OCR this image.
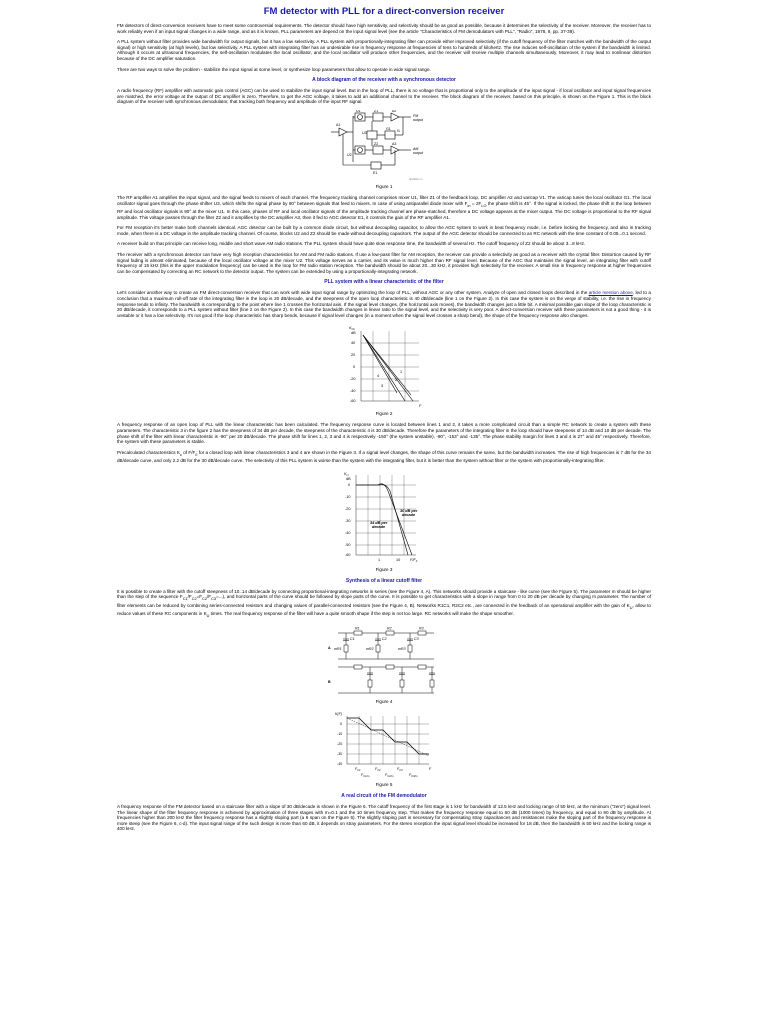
FM detector with PLL for a direct-conversion receiver

FM detectors of direct-conversion receivers have to meet some controversial requirements. The detector should have high sensitivity, and selectivity should be as good as possible, because it determines the selectivity of the receiver. Moreover, the receiver has to work reliably even if an input signal changes in a wide range, and as it is known, PLL parameters are depend on the input signal level (see the article "Characteristics of FM demodulators with PLL", "Radio", 1978, 9, pp. 37-39).

A PLL system without filter provides wide bandwidth for output signals, but it has a low selectivity. A PLL system with proportionally-integrating filter can provide either improved selectivity (if the cutoff frequency of the filter matches with the bandwidth of the output signal) or high sensitivity (at high levels), but low selectivity. A PLL system with integrating filter has an undesirable rise in frequency response at frequencies of tens to hundreds of kilohertz. The rise induces self-oscillation of the system if the bandwidth is limited. Although it occurs at ultrasound frequencies, the self-oscillation modulates the local oscillator, and the local oscillator will produce other frequencies, and the receiver will receive multiple channels simultaneously. Moreover, it may lead to nonlinear distortion because of the DC amplifier saturation.

There are two ways to solve the problem - stabilize the input signal at some level, or synthesize loop parameters that allow to operate in wide signal range.

A block diagram of the receiver with a synchronous detector

A radio frequency (RF) amplifier with automatic gain control (AGC) can be used to stabilize the input signal level. But in the loop of PLL, there is no voltage that is proportional only to the amplitude of the input signal - if local oscillator and input signal frequencies are matched, the error voltage at the output of DC amplifier is zero. Therefore, to get the AGC voltage, it takes to add an additional channel to the receiver. The block diagram of the receiver, based on this principle, is shown on the Figure 1. This is the block diagram of the receiver with synchronous demodulator, that tracking both frequency and amplitude of the input RF signal.

U1	Z1	A2
FM
output
A1
U3
G1 f1
Z2	A3
AM
output
U2
E1
dpvalbirs.ru
Figure 1

The RF amplifier A1 amplifies the input signal, and the signal feeds to mixers of each channel. The frequency tracking channel comprises mixer U1, filter Z1 of the feedback loop, DC amplifier A2 and varicap V1. The varicap tunes the local oscillator G1. The local oscillator signal goes through the phase shifter U3, which shifts the signal phase by 90° between signals that feed to mixers. In case of using antiparallel diode mixer with $F_{in} = 2F_{LO}$ the phase shift is 45°. If the signal is locked, the phase shift in the loop between RF and local oscillator signals is 90° at the mixer U1. In this case, phases of RF and local oscillator signals of the amplitude tracking channel are phase-matched, therefore a DC voltage appears at the mixer output. The DC voltage is proportional to the RF signal amplitude. This voltage passes through the filter Z2 and it amplifies by the DC amplifier A3, then it fed to AGC detector E1, it controls the gain of the RF amplifier A1.

For FM reception it's better make both channels identical. AGC detector can be built by a common diode circuit, but without decoupling capacitor, to allow the AGC system to work in beat frequency mode, i.e. before locking the frequency, and also in tracking mode, when there is a DC voltage in the amplitude tracking channel. Of course, blocks U2 and Z2 should be made without decoupling capacitors. The output of the AGC detector should be connected to an RC network with the time constant of 0.05...0.1 second.

A receiver build on that principle can receive long, middle and short wave AM radio stations. The PLL system should have quite slow response time, the bandwidth of several Hz. The cutoff frequency of Z2 should be about 3...8 kHz.

The receiver with a synchronous detector can have very high reception characteristics for AM and FM radio stations. If use a low-pass filter for AM reception, the receiver can provide a selectivity as good as a receiver with the crystal filter. Distortion caused by RF signal fading is almost eliminated, because of the local oscillator voltage at the mixer U2. This voltage serves as a carrier, and its value is much higher than RF signal level. Because of the AGC that maintains the signal level, an integrating filter with cutoff frequency of 15 kHz (this is the upper modulation frequency) can be used in the loop for FM radio station reception. The bandwidth should be about 20...30 kHz, it provides high selectivity for the receiver. A small rise in frequency response at higher frequencies can be compensated by correcting an RC network to the detector output. The system can be extended by using a proportionally-integrating network.

PLL system with a linear characteristic of the filter

Let's consider another way to create an FM direct-conversion receiver that can work with wide input signal range by optimizing the loop of PLL, without AGC or any other system. Analyze of open and closed loops described in the article mention above, led to a conclusion that a maximum roll-off rate of the integrating filter in the loop is 20 dB/decade, and the steepness of the open loop characteristic is 40 dB/decade (line 1 on the Figure 2). In this case the system is on the verge of stability, i.e. the rise in frequency response tends to infinity. The bandwidth is corresponding to the point where line 1 crosses the horizontal axis. If the signal level changes, (the horizontal axis moves), the bandwidth changes just a little bit. A minimal possible gain slope of the loop characteristic is 20 dB/decade, it corresponds to a PLL system without filter (line 2 on the Figure 2). In this case the bandwidth changes in linear ratio to the signal level, and the selectivity is very poor. A direct-conversion receiver with these parameters is not a good thing - it is unstable or it has a low selectivity. It's not good if the loop characteristic has sharp bends, because if signal level changes (in a moment when the signal level crosses a sharp bend), the shape of the frequency response also changes.

$K_{OL}$
dB
40
20
0
-20
-40
-60
F
1
2
3
4
Figure 2

A frequency response of an open loop of PLL with the linear characteristic has been calculated. The frequency response curve is located between lines 1 and 2, it takes a more complicated circuit than a simple RC network to create a system with these parameters. The characteristic 3 in the figure 2 has the steepness of 34 dB per decade, the steepness of the characteristic 4 is 30 dB/decade. Therefore the parameters of the integrating filter in the loop should have steepness of 14 dB and 10 dB per decade. The phase shift of the filter with linear characteristic is -90° per 20 dB/decade. The phase shift for lines 1, 2, 3 and 4 is respectively -150° (the system unstable), -90°, -153° and -135°. The phase stability margin for lines 3 and 4 is 27° and 45° respectively. Therefore, the system with these parameters is stable.

Precalculated characteristics $K_c$ of $F/F_0$ for a closed loop with linear characteristics 3 and 4 are shown in the Figure 3. If a signal level changes, the shape of this curve remains the same, but the bandwidth increases. The rise of high frequencies is 7 dB for the 34 dB/decade curve, and only 2.2 dB for the 30 dB/decade curve. The selectivity of this PLL system is worse than the system with the integrating filter, but it is better than the system without filter or the system with proportionally-integrating filter.

$K_{cl}$
dB
0
-10
-20
-30
-40
-50
-60
1	10	$F/F_0$
30 dB per
decade
34 dB per
decade
Figure 3
Synthesis of a linear cutoff filter

It is possible to create a filter with the cutoff steepness of 10..14 dB/decade by connecting proportional-integrating networks in series (see the Figure 4, A). This networks should provide a staircase - like curve (see the Figure 5). The parameter m should be higher than the step of the sequence $F_{C1}/F_{C2}=F_{C2}/F_{C3}=$...), and horizontal parts of the curve should be followed by slope parts of the curve. It is possible to get characteristics with a slope in range from 0 to 20 dB per decade by changing m parameter. The number of filter elements can be reduced by combining series-connected resistors and changing values of parallel-connected resistors (see the Figure 4, B). Networks R1C1, R2C2 etc., are connected in the feedback of an operational amplifier with the gain of $K_U$, allow to reduce values of these RC components in $K_U$ times. The real frequency response of the filter will have a quite smooth shape if the step is not too large. RC networks will make the shape smoother.

R1	R2	R3
C1	C2	C3
A
B
mR1	mR2	mR3
Figure 4
K(F)
0
-10
-20
-30
-40
F
$F_{C1}$	$F_{C2}$	$F_{C3}$
$F_{C1/m}$	$F_{C2/m}$	$F_{C3/m}$
Figure 5
A real circuit of the FM demodulator

A frequency response of the FM detector based on a staircase filter with a slope of 30 dB/decade is shown in the Figure 6. The cutoff frequency of the first stage is 1 kHz for bandwidth of 12.5 kHz and locking range of 50 kHz, at the minimum ("zero") signal level. The linear shape of the filter frequency response is achieved by approximation of three stages with m=0.1 and the 10 times frequency step. That makes the frequency response equal to 60 dB (1000 times) by frequency, and equal to 90 dB by amplitude. At frequencies higher than 200 kHz the filter frequency response has a slightly sloping part (a 6 span on the Figure 6). The slightly sloping part is necessary for compensating stray capacitances and resistances make the sloping part of the frequency response is more steep (see the Figure 6, c-d). The input signal range of the such design is more than 60 dB, it depends on stray parameters. For the stereo reception the input signal level should be increased for 18 dB, then the bandwidth is 50 kHz and the locking range is 400 kHz.
